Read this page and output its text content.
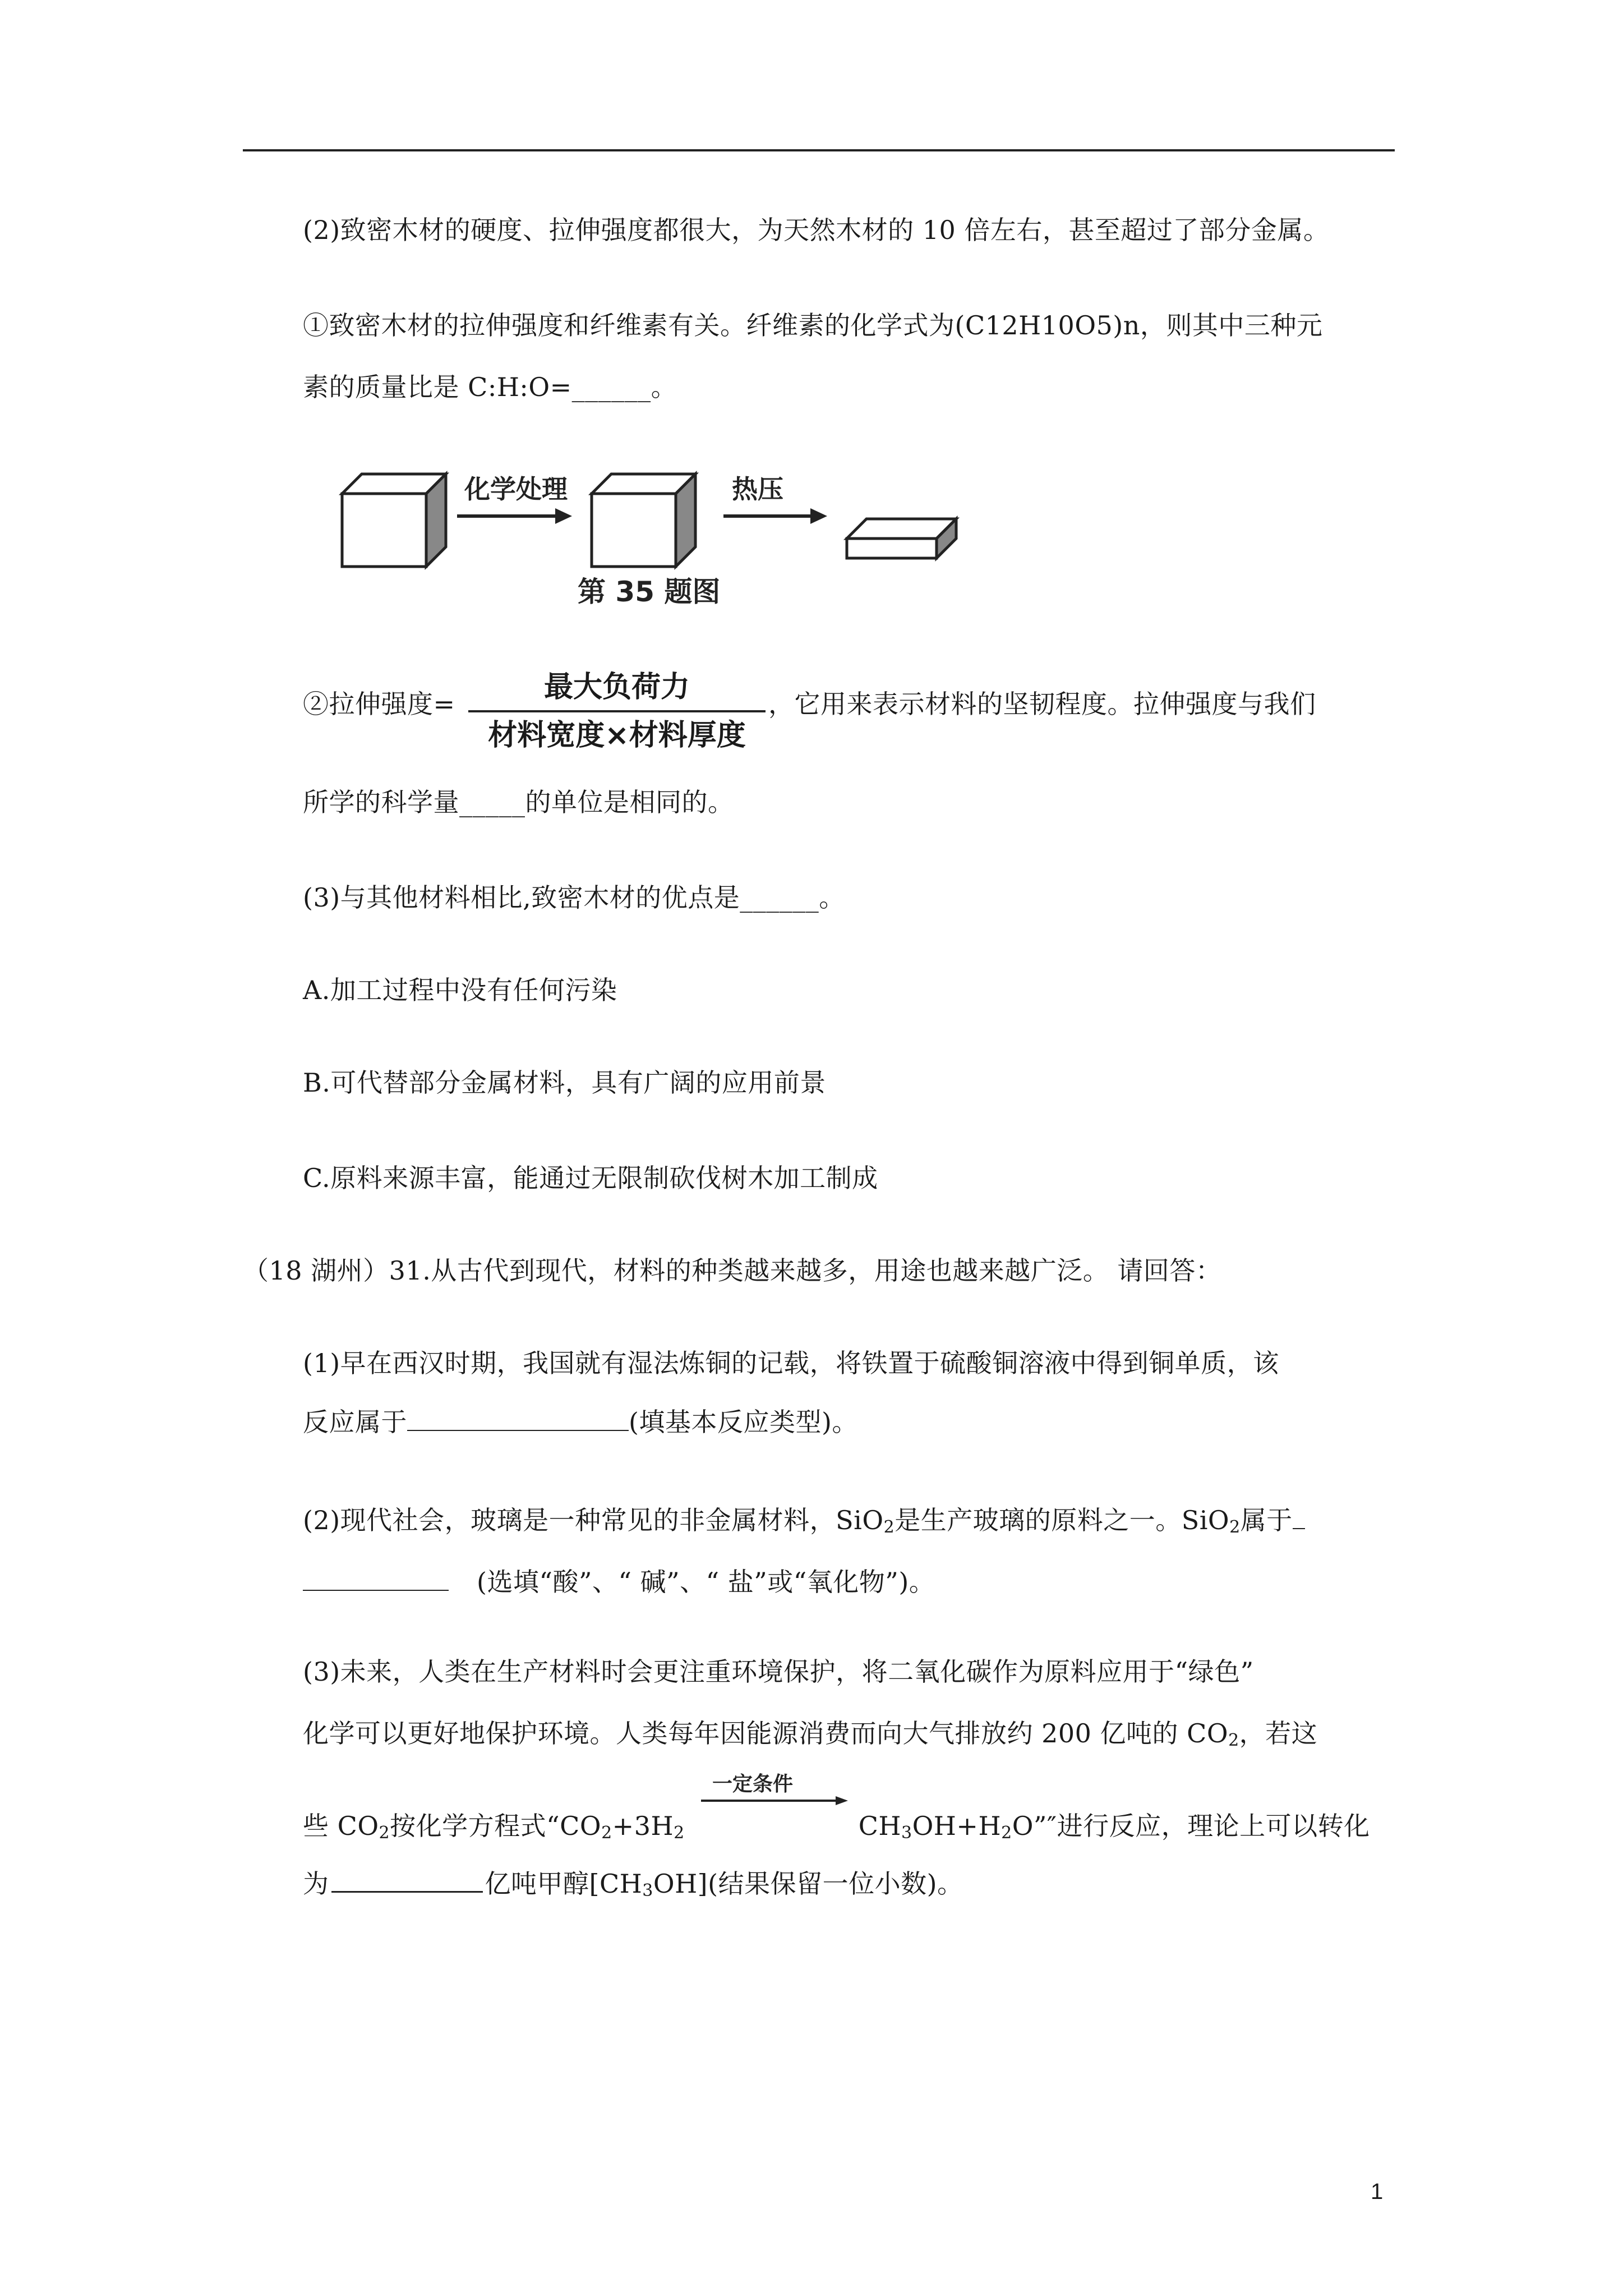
(2)致密木材的硬度、拉伸强度都很大，为天然木材的 10 倍左右，甚至超过了部分金属。
①致密木材的拉伸强度和纤维素有关。纤维素的化学式为(C12H10O5)n，则其中三种元
素的质量比是 C:H:O=______。
化学处理	热压
第 35 题图
②拉伸强度=	最大负荷力
材料宽度×材料厚度
，它用来表示材料的坚韧程度。拉伸强度与我们
所学的科学量_____的单位是相同的。
(3)与其他材料相比,致密木材的优点是______。
A.加工过程中没有任何污染
B.可代替部分金属材料，具有广阔的应用前景
C.原料来源丰富，能通过无限制砍伐树木加工制成
（18 湖州）31.从古代到现代，材料的种类越来越多，用途也越来越广泛。 请回答：
(1)早在西汉时期，我国就有湿法炼铜的记载，将铁置于硫酸铜溶液中得到铜单质，该
反应属于	(填基本反应类型)。
(2)现代社会，玻璃是一种常见的非金属材料，SiO$_2$是生产玻璃的原料之一。SiO$_2$属于
(选填“酸”、“ 碱”、“ 盐”或“氧化物”)。
(3)未来，人类在生产材料时会更注重环境保护，将二氧化碳作为原料应用于“绿色”
化学可以更好地保护环境。人类每年因能源消费而向大气排放约 200 亿吨的 $CO_2$，若这
一定条件
些 $CO_2$按化学方程式“$CO_2+3H_2$	$CH_3OH+H_2O”''$进行反应，理论上可以转化
为	亿吨甲醇$[CH_3OH]$(结果保留一位小数)。
1
